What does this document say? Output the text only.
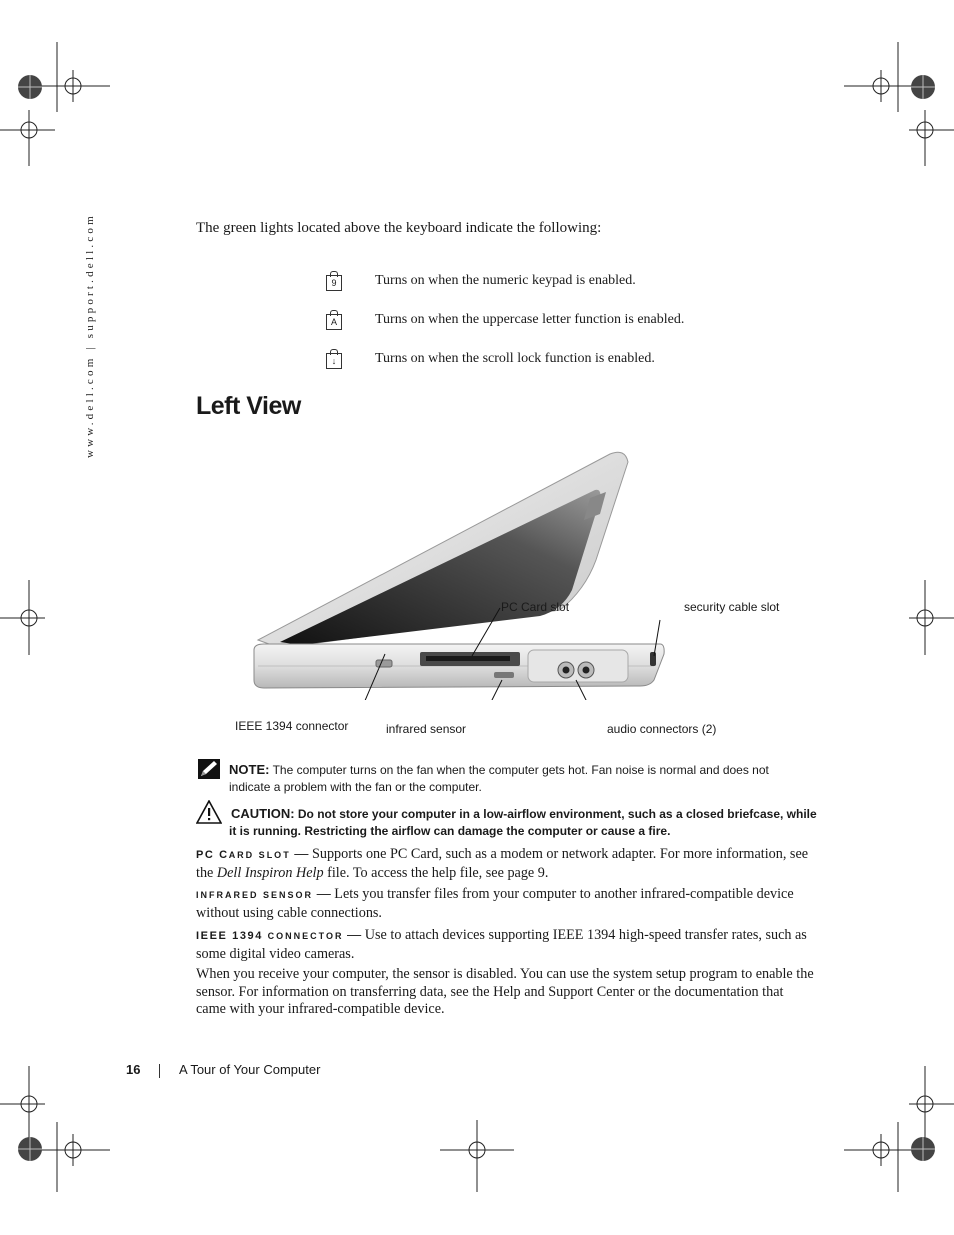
www.dell.com | support.dell.com	The green lights located above the keyboard indicate the following:
9	Turns on when the numeric keypad is enabled.
A	Turns on when the uppercase letter function is enabled.
↓	Turns on when the scroll lock function is enabled.
Left View
PC Card slot	security cable slot
IEEE 1394 connector	infrared sensor	audio connectors (2)
NOTE: The computer turns on the fan when the computer gets hot. Fan noise is normal and does not
indicate a problem with the fan or the computer.
CAUTION: Do not store your computer in a low-airflow environment, such as a closed briefcase, while
it is running. Restricting the airflow can damage the computer or cause a fire.
PC CARD SLOT — Supports one PC Card, such as a modem or network adapter. For more information, see the Dell Inspiron Help file. To access the help file, see page 9.
INFRARED SENSOR — Lets you transfer files from your computer to another infrared-compatible device without using cable connections.
IEEE 1394 CONNECTOR — Use to attach devices supporting IEEE 1394 high-speed transfer rates, such as some digital video cameras.
When you receive your computer, the sensor is disabled. You can use the system setup program to enable the sensor. For information on transferring data, see the Help and Support Center or the documentation that came with your infrared-compatible device.
16	A Tour of Your Computer
